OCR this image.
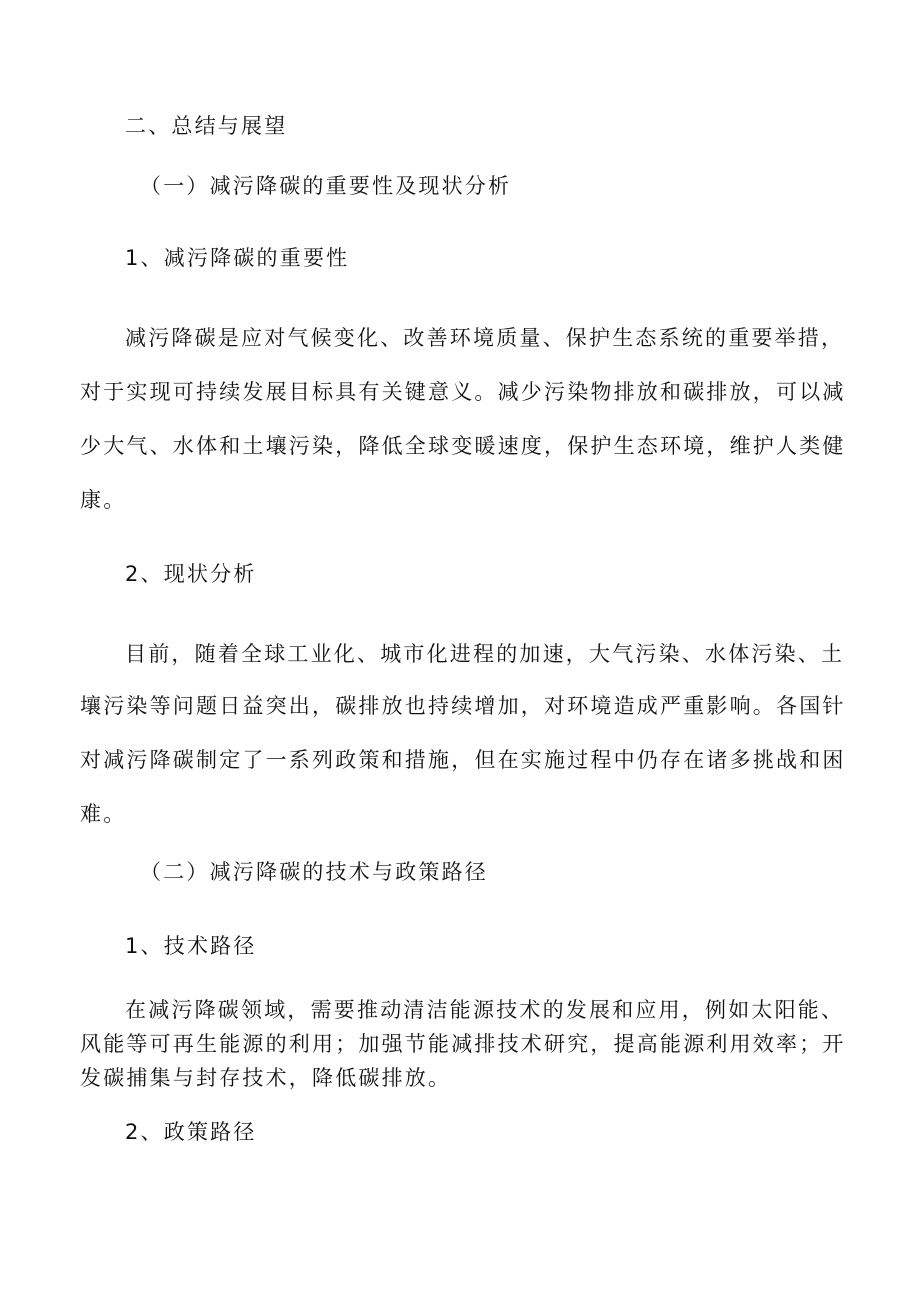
二、总结与展望
（一）减污降碳的重要性及现状分析
1、减污降碳的重要性
减污降碳是应对气候变化、改善环境质量、保护生态系统的重要举措，
对于实现可持续发展目标具有关键意义。减少污染物排放和碳排放，可以减
少大气、水体和土壤污染，降低全球变暖速度，保护生态环境，维护人类健
康。
2、现状分析
目前，随着全球工业化、城市化进程的加速，大气污染、水体污染、土
壤污染等问题日益突出，碳排放也持续增加，对环境造成严重影响。各国针
对减污降碳制定了一系列政策和措施，但在实施过程中仍存在诸多挑战和困
难。
（二）减污降碳的技术与政策路径
1、技术路径
在减污降碳领域，需要推动清洁能源技术的发展和应用，例如太阳能、
风能等可再生能源的利用；加强节能减排技术研究，提高能源利用效率；开
发碳捕集与封存技术，降低碳排放。
2、政策路径
